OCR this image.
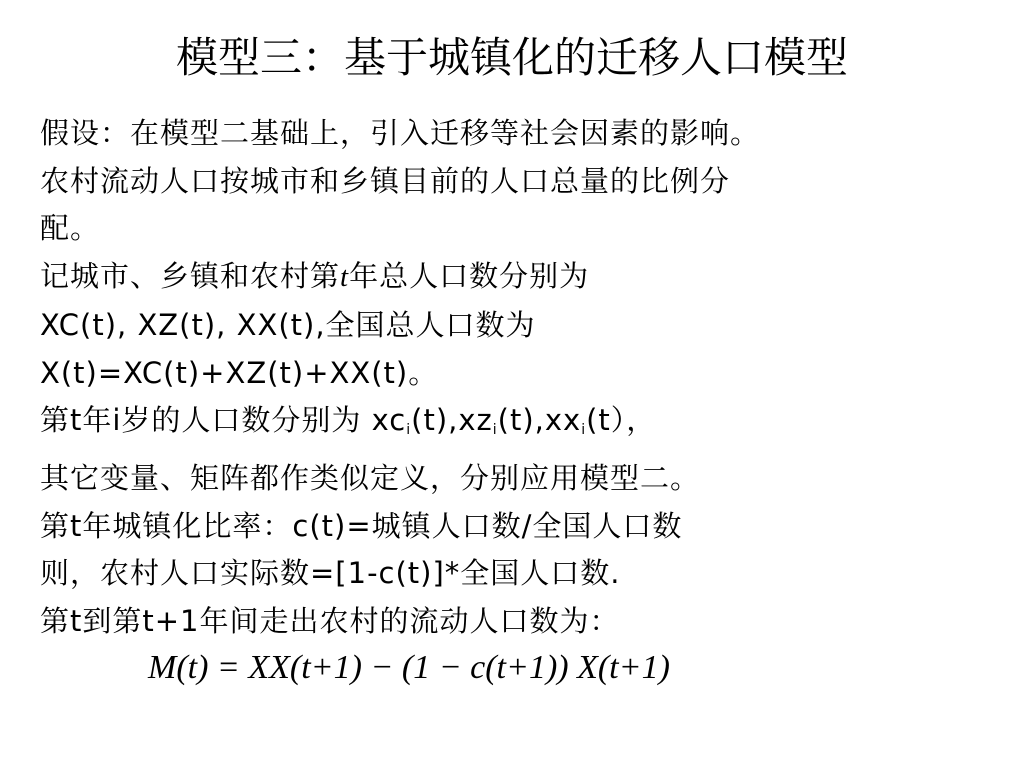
模型三：基于城镇化的迁移人口模型
假设：在模型二基础上，引入迁移等社会因素的影响。
农村流动人口按城市和乡镇目前的人口总量的比例分
配。
记城市、乡镇和农村第t年总人口数分别为
XC(t), XZ(t), XX(t),全国总人口数为
X(t)=XC(t)+XZ(t)+XX(t)。
第t年i岁的人口数分别为 $xc_i(t),xz_i(t),xx_i(t)$，
其它变量、矩阵都作类似定义，分别应用模型二。
第t年城镇化比率：c(t)=城镇人口数/全国人口数
则，农村人口实际数=[1-c(t)]*全国人口数.
第t到第t+1年间走出农村的流动人口数为：
M(t) = XX(t+1) − (1 − c(t+1)) X(t+1)
